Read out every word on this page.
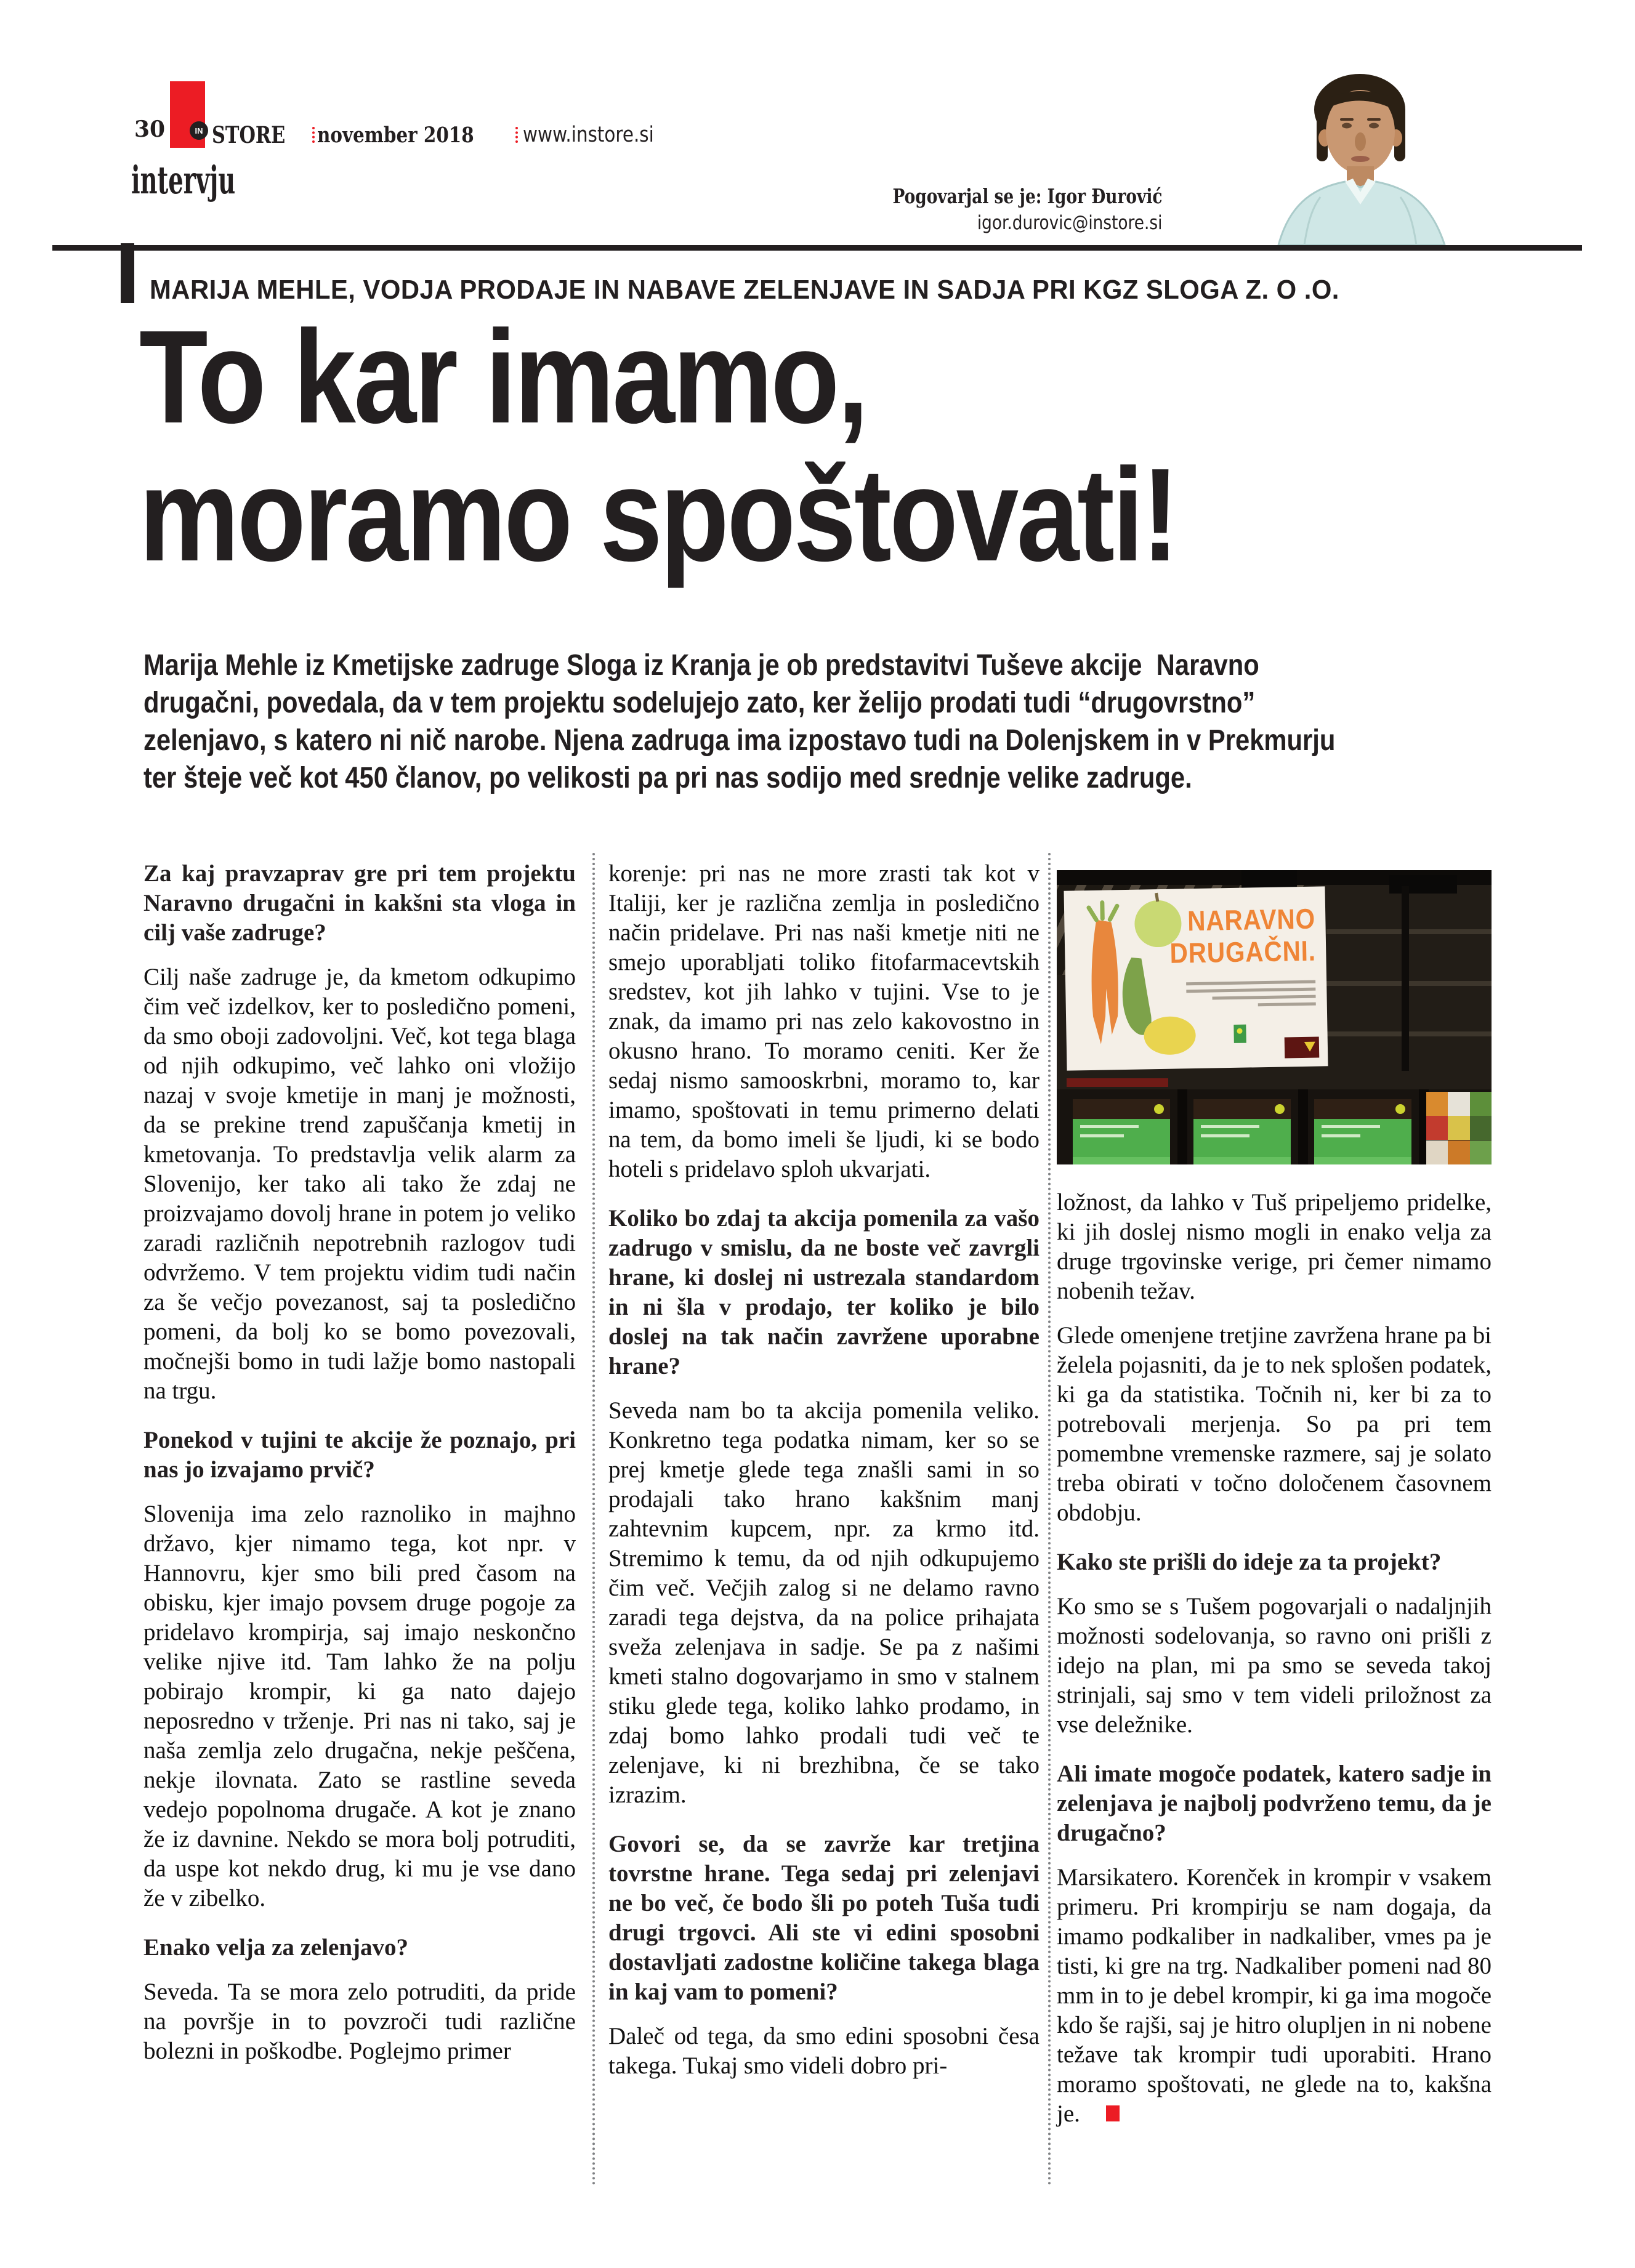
30	IN STORE november 2018 www.instore.si
intervju	Pogovarjal se je: Igor Đurović
igor.durovic@instore.si
MARIJA MEHLE, VODJA PRODAJE IN NABAVE ZELENJAVE IN SADJA PRI KGZ SLOGA Z. O .O.
To kar imamo,
moramo spoštovati!
Marija Mehle iz Kmetijske zadruge Sloga iz Kranja je ob predstavitvi Tuševe akcije  Naravno
drugačni, povedala, da v tem projektu sodelujejo zato, ker želijo prodati tudi “drugovrstno”
zelenjavo, s katero ni nič narobe. Njena zadruga ima izpostavo tudi na Dolenjskem in v Prekmurju
ter šteje več kot 450 članov, po velikosti pa pri nas sodijo med srednje velike zadruge.

Za kaj pravzaprav gre pri tem projektu Naravno drugačni in kakšni sta vloga in cilj vaše zadruge?

Cilj naše zadruge je, da kmetom odkupimo čim več izdelkov, ker to posledično pomeni, da smo oboji zadovoljni. Več, kot tega blaga od njih odkupimo, več lahko oni vložijo nazaj v svoje kmetije in manj je možnosti, da se prekine trend zapuščanja kmetij in kmetovanja. To predstavlja velik alarm za Slovenijo, ker tako ali tako že zdaj ne proizvajamo dovolj hrane in potem jo veliko zaradi različnih nepotrebnih razlogov tudi odvržemo. V tem projektu vidim tudi način za še večjo povezanost, saj ta posledično pomeni, da bolj ko se bomo povezovali, močnejši bomo in tudi lažje bomo nastopali na trgu.

Ponekod v tujini te akcije že poznajo, pri nas jo izvajamo prvič?

Slovenija ima zelo raznoliko in majhno državo, kjer nimamo tega, kot npr. v Hannovru, kjer smo bili pred časom na obisku, kjer imajo povsem druge pogoje za pridelavo krompirja, saj imajo neskončno velike njive itd. Tam lahko že na polju pobirajo krompir, ki ga nato dajejo neposredno v trženje. Pri nas ni tako, saj je naša zemlja zelo drugačna, nekje peščena, nekje ilovnata. Zato se rastline seveda vedejo popolnoma drugače. A kot je znano že iz davnine. Nekdo se mora bolj potruditi, da uspe kot nekdo drug, ki mu je vse dano že v zibelko.

Enako velja za zelenjavo?

Seveda. Ta se mora zelo potruditi, da pride na površje in to povzroči tudi različne bolezni in poškodbe. Poglejmo primer

korenje: pri nas ne more zrasti tak kot v Italiji, ker je različna zemlja in posledično način pridelave. Pri nas naši kmetje niti ne smejo uporabljati toliko fitofarmacevtskih sredstev, kot jih lahko v tujini. Vse to je znak, da imamo pri nas zelo kakovostno in okusno hrano. To moramo ceniti. Ker že sedaj nismo samooskrbni, moramo to, kar imamo, spoštovati in temu primerno delati na tem, da bomo imeli še ljudi, ki se bodo hoteli s pridelavo sploh ukvarjati.

Koliko bo zdaj ta akcija pomenila za vašo zadrugo v smislu, da ne boste več zavrgli hrane, ki doslej ni ustrezala standardom in ni šla v prodajo, ter koliko je bilo doslej na tak način zavržene uporabne hrane?

Seveda nam bo ta akcija pomenila veliko. Konkretno tega podatka nimam, ker so se prej kmetje glede tega znašli sami in so prodajali tako hrano kakšnim manj zahtevnim kupcem, npr. za krmo itd. Stremimo k temu, da od njih odkupujemo čim več. Večjih zalog si ne delamo ravno zaradi tega dejstva, da na police prihajata sveža zelenjava in sadje. Se pa z našimi kmeti stalno dogovarjamo in smo v stalnem stiku glede tega, koliko lahko prodamo, in zdaj bomo lahko prodali tudi več te zelenjave, ki ni brezhibna, če se tako izrazim.

Govori se, da se zavrže kar tretjina tovrstne hrane. Tega sedaj pri zelenjavi ne bo več, če bodo šli po poteh Tuša tudi drugi trgovci. Ali ste vi edini sposobni dostavljati zadostne količine takega blaga in kaj vam to pomeni?

Daleč od tega, da smo edini sposobni česa takega. Tukaj smo videli dobro pri-

NARAVNO
DRUGAČNI.

ložnost, da lahko v Tuš pripeljemo pridelke, ki jih doslej nismo mogli in enako velja za druge trgovinske verige, pri čemer nimamo nobenih težav.

Glede omenjene tretjine zavržena hrane pa bi želela pojasniti, da je to nek splošen podatek, ki ga da statistika. Točnih ni, ker bi za to potrebovali merjenja. So pa pri tem pomembne vremenske razmere, saj je solato treba obirati v točno določenem časovnem obdobju.

Kako ste prišli do ideje za ta projekt?

Ko smo se s Tušem pogovarjali o nadaljnjih možnosti sodelovanja, so ravno oni prišli z idejo na plan, mi pa smo se seveda takoj strinjali, saj smo v tem videli priložnost za vse deležnike.

Ali imate mogoče podatek, katero sadje in zelenjava je najbolj podvrženo temu, da je drugačno?

Marsikatero. Korenček in krompir v vsakem primeru. Pri krompirju se nam dogaja, da imamo podkaliber in nadkaliber, vmes pa je tisti, ki gre na trg. Nadkaliber pomeni nad 80 mm in to je debel krompir, ki ga ima mogoče kdo še rajši, saj je hitro olupljen in ni nobene težave tak krompir tudi uporabiti. Hrano moramo spoštovati, ne glede na to, kakšna je.
